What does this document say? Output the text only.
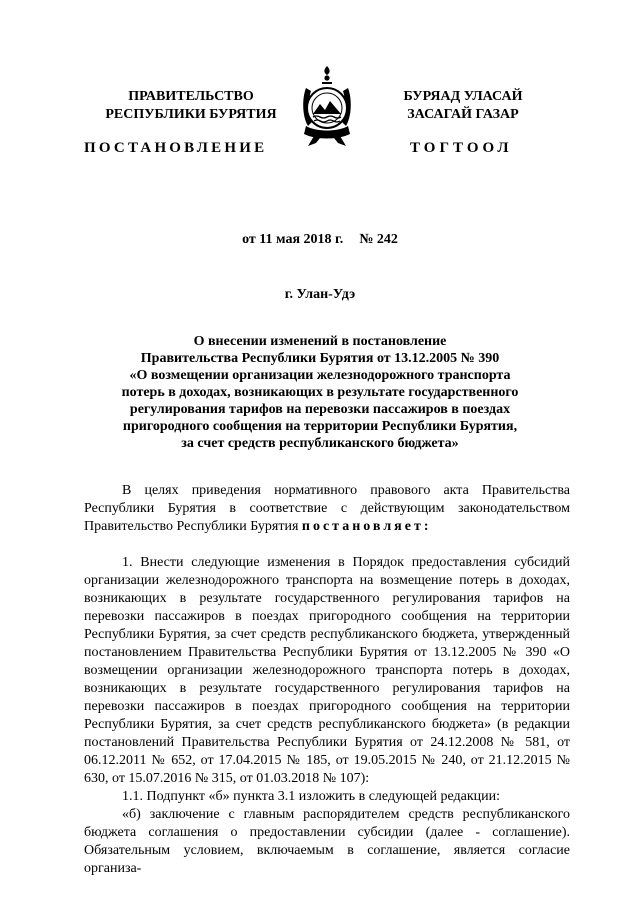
ПРАВИТЕЛЬСТВО
РЕСПУБЛИКИ БУРЯТИЯ
ПОСТАНОВЛЕНИЕ
БУРЯАД УЛАСАЙ
ЗАСАГАЙ ГАЗАР
ТОГТООЛ
от 11 мая 2018 г. № 242
г. Улан-Удэ
О внесении изменений в постановление
Правительства Республики Бурятия от 13.12.2005 № 390
«О возмещении организации железнодорожного транспорта
потерь в доходах, возникающих в результате государственного
регулирования тарифов на перевозки пассажиров в поездах
пригородного сообщения на территории Республики Бурятия,
за счет средств республиканского бюджета»

В целях приведения нормативного правового акта Правительства Республики Бурятия в соответствие с действующим законодательством Правительство Республики Бурятия постановляет:

1. Внести следующие изменения в Порядок предоставления субсидий организации железнодорожного транспорта на возмещение потерь в доходах, возникающих в результате государственного регулирования тарифов на перевозки пассажиров в поездах пригородного сообщения на территории Республики Бурятия, за счет средств республиканского бюджета, утвержденный постановлением Правительства Республики Бурятия от 13.12.2005 № 390 «О возмещении организации железнодорожного транспорта потерь в доходах, возникающих в результате государственного регулирования тарифов на перевозки пассажиров в поездах пригородного сообщения на территории Республики Бурятия, за счет средств республиканского бюджета» (в редакции постановлений Правительства Республики Бурятия от 24.12.2008 № 581, от 06.12.2011 № 652, от 17.04.2015 № 185, от 19.05.2015 № 240, от 21.12.2015 № 630, от 15.07.2016 № 315, от 01.03.2018 № 107):

1.1. Подпункт «б» пункта 3.1 изложить в следующей редакции:

«б) заключение с главным распорядителем средств республиканского бюджета соглашения о предоставлении субсидии (далее - соглашение). Обязательным условием, включаемым в соглашение, является согласие организа-
